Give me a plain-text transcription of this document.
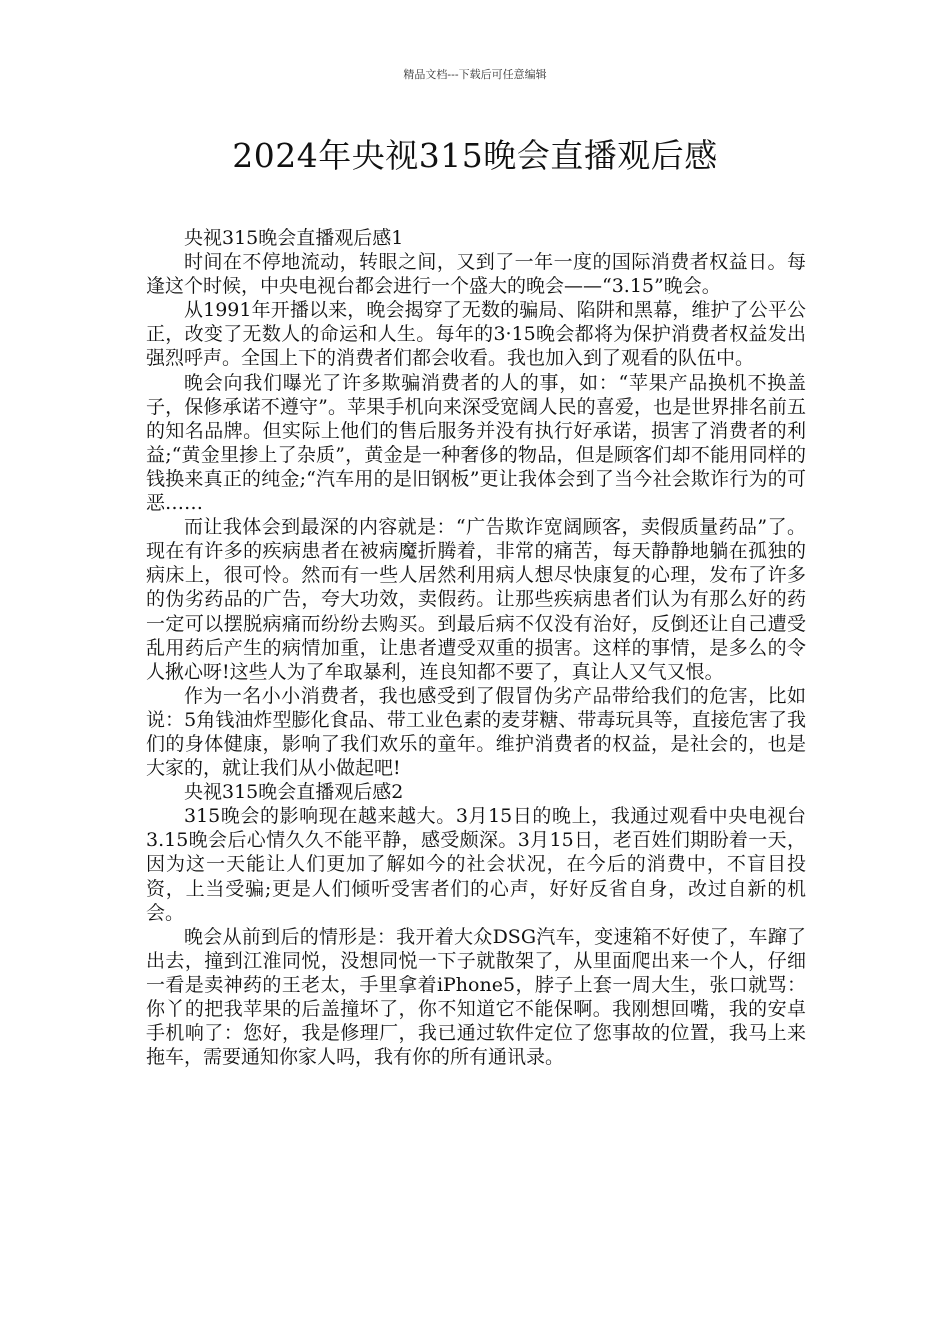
精品文档---下载后可任意编辑
2024年央视315晚会直播观后感

央视315晚会直播观后感1

时间在不停地流动，转眼之间，又到了一年一度的国际消费者权益日。每逢这个时候，中央电视台都会进行一个盛大的晚会——“3.15”晚会。

从1991年开播以来，晚会揭穿了无数的骗局、陷阱和黑幕，维护了公平公正，改变了无数人的命运和人生。每年的3·15晚会都将为保护消费者权益发出强烈呼声。全国上下的消费者们都会收看。我也加入到了观看的队伍中。

晚会向我们曝光了许多欺骗消费者的人的事，如：“苹果产品换机不换盖子，保修承诺不遵守”。苹果手机向来深受宽阔人民的喜爱，也是世界排名前五的知名品牌。但实际上他们的售后服务并没有执行好承诺，损害了消费者的利益;“黄金里掺上了杂质”，黄金是一种奢侈的物品，但是顾客们却不能用同样的钱换来真正的纯金;“汽车用的是旧钢板”更让我体会到了当今社会欺诈行为的可恶……

而让我体会到最深的内容就是：“广告欺诈宽阔顾客，卖假质量药品”了。现在有许多的疾病患者在被病魔折腾着，非常的痛苦，每天静静地躺在孤独的病床上，很可怜。然而有一些人居然利用病人想尽快康复的心理，发布了许多的伪劣药品的广告，夸大功效，卖假药。让那些疾病患者们认为有那么好的药一定可以摆脱病痛而纷纷去购买。到最后病不仅没有治好，反倒还让自己遭受乱用药后产生的病情加重，让患者遭受双重的损害。这样的事情，是多么的令人揪心呀!这些人为了牟取暴利，连良知都不要了，真让人又气又恨。

作为一名小小消费者，我也感受到了假冒伪劣产品带给我们的危害，比如说：5角钱油炸型膨化食品、带工业色素的麦芽糖、带毒玩具等，直接危害了我们的身体健康，影响了我们欢乐的童年。维护消费者的权益，是社会的，也是大家的，就让我们从小做起吧!

央视315晚会直播观后感2

315晚会的影响现在越来越大。3月15日的晚上，我通过观看中央电视台3.15晚会后心情久久不能平静，感受颇深。3月15日，老百姓们期盼着一天，因为这一天能让人们更加了解如今的社会状况，在今后的消费中，不盲目投资，上当受骗;更是人们倾听受害者们的心声，好好反省自身，改过自新的机会。

晚会从前到后的情形是：我开着大众DSG汽车，变速箱不好使了，车蹿了出去，撞到江淮同悦，没想同悦一下子就散架了，从里面爬出来一个人，仔细一看是卖神药的王老太，手里拿着iPhone5，脖子上套一周大生，张口就骂：你丫的把我苹果的后盖撞坏了，你不知道它不能保啊。我刚想回嘴，我的安卓手机响了：您好，我是修理厂，我已通过软件定位了您事故的位置，我马上来拖车，需要通知你家人吗，我有你的所有通讯录。
